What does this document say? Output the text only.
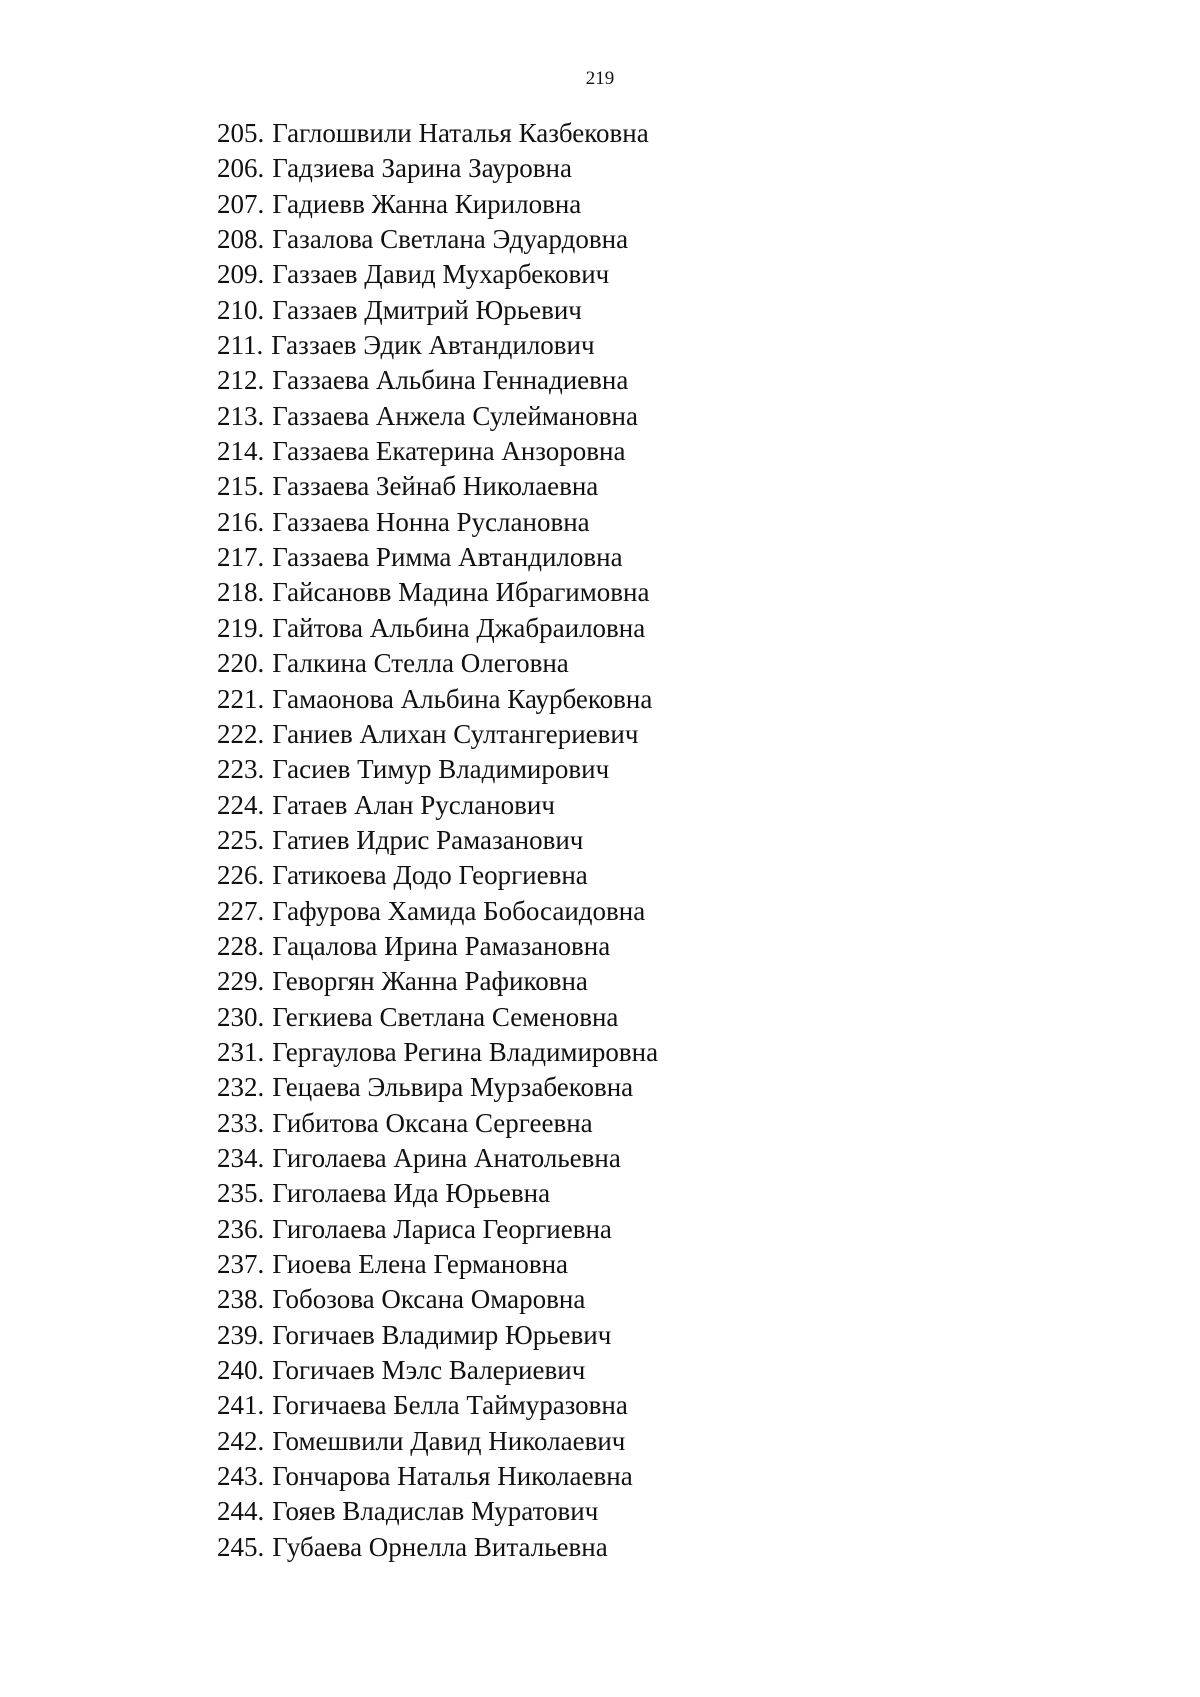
219
205. Гаглошвили Наталья Казбековна
206. Гадзиева Зарина Зауровна
207. Гадиевв Жанна Кириловна
208. Газалова Светлана Эдуардовна
209. Газзаев Давид Мухарбекович
210. Газзаев Дмитрий Юрьевич
211. Газзаев Эдик Автандилович
212. Газзаева Альбина Геннадиевна
213. Газзаева Анжела Сулеймановна
214. Газзаева Екатерина Анзоровна
215. Газзаева Зейнаб Николаевна
216. Газзаева Нонна Руслановна
217. Газзаева Римма Автандиловна
218. Гайсановв Мадина Ибрагимовна
219. Гайтова Альбина Джабраиловна
220. Галкина Стелла Олеговна
221. Гамаонова Альбина Каурбековна
222. Ганиев Алихан Султангериевич
223. Гасиев Тимур Владимирович
224. Гатаев Алан Русланович
225. Гатиев Идрис Рамазанович
226. Гатикоева Додо Георгиевна
227. Гафурова Хамида Бобосаидовна
228. Гацалова Ирина Рамазановна
229. Геворгян Жанна Рафиковна
230. Гегкиева Светлана Семеновна
231. Гергаулова Регина Владимировна
232. Гецаева Эльвира Мурзабековна
233. Гибитова Оксана Сергеевна
234. Гиголаева Арина Анатольевна
235. Гиголаева Ида Юрьевна
236. Гиголаева Лариса Георгиевна
237. Гиоева Елена Германовна
238. Гобозова Оксана Омаровна
239. Гогичаев Владимир Юрьевич
240. Гогичаев Мэлс Валериевич
241. Гогичаева Белла Таймуразовна
242. Гомешвили Давид Николаевич
243. Гончарова Наталья Николаевна
244. Гояев Владислав Муратович
245. Губаева Орнелла Витальевна
